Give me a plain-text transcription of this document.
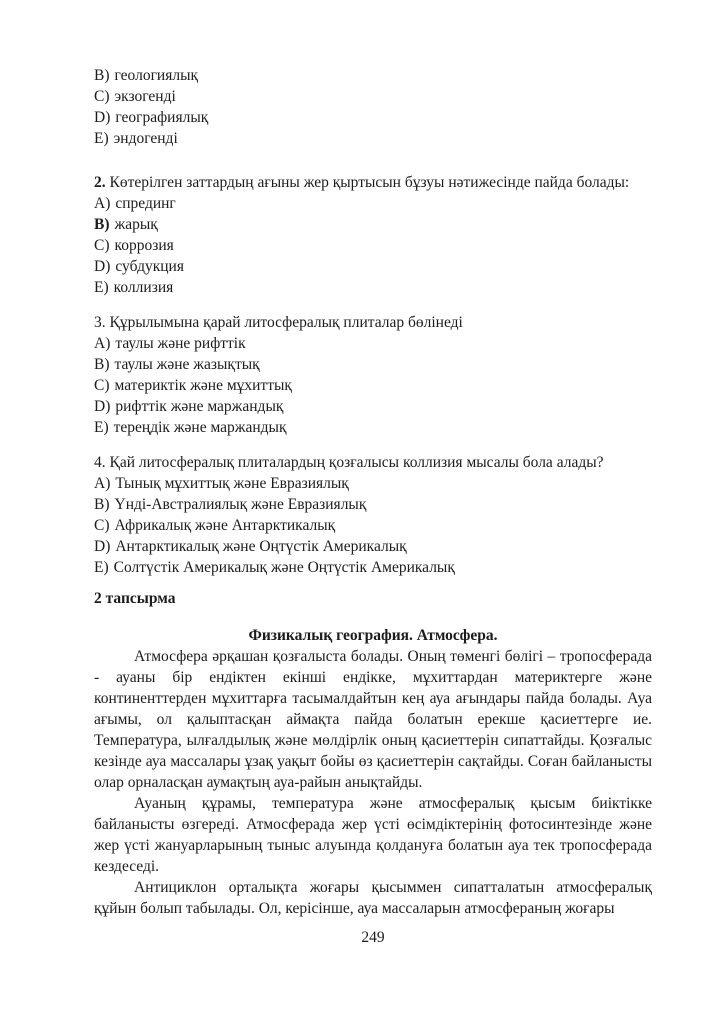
B) геологиялық
C) экзогенді
D) географиялық
E) эндогенді
2. Көтерілген заттардың ағыны жер қыртысын бұзуы нәтижесінде пайда болады:
A) спрединг
B) жарық
C) коррозия
D) субдукция
E) коллизия
3. Құрылымына қарай литосфералық плиталар бөлінеді
A) таулы және рифттік
B) таулы және жазықтық
C) материктік және мұхиттық
D) рифттік және маржандық
E) тереңдік және маржандық
4. Қай литосфералық плиталардың қозғалысы коллизия мысалы бола алады?
A) Тынық мұхиттық және Евразиялық
B) Үнді-Австралиялық және Евразиялық
C) Африкалық және Антарктикалық
D) Антарктикалық және Оңтүстік Америкалық
E) Солтүстік Америкалық және Оңтүстік Америкалық
2 тапсырма
Физикалық география. Атмосфера.

Атмосфера әрқашан қозғалыста болады. Оның төменгі бөлігі – тропосферада - ауаны бір ендіктен екінші ендікке, мұхиттардан материктерге және континенттерден мұхиттарға тасымалдайтын кең ауа ағындары пайда болады. Ауа ағымы, ол қалыптасқан аймақта пайда болатын ерекше қасиеттерге ие. Температура, ылғалдылық және мөлдірлік оның қасиеттерін сипаттайды. Қозғалыс кезінде ауа массалары ұзақ уақыт бойы өз қасиеттерін сақтайды. Соған байланысты олар орналасқан аумақтың ауа-райын анықтайды.

Ауаның құрамы, температура және атмосфералық қысым биіктікке байланысты өзгереді. Атмосферада жер үсті өсімдіктерінің фотосинтезінде және жер үсті жануарларының тыныс алуында қолдануға болатын ауа тек тропосферада кездеседі.

Антициклон орталықта жоғары қысыммен сипатталатын атмосфералық құйын болып табылады. Ол, керісінше, ауа массаларын атмосфераның жоғары

249
